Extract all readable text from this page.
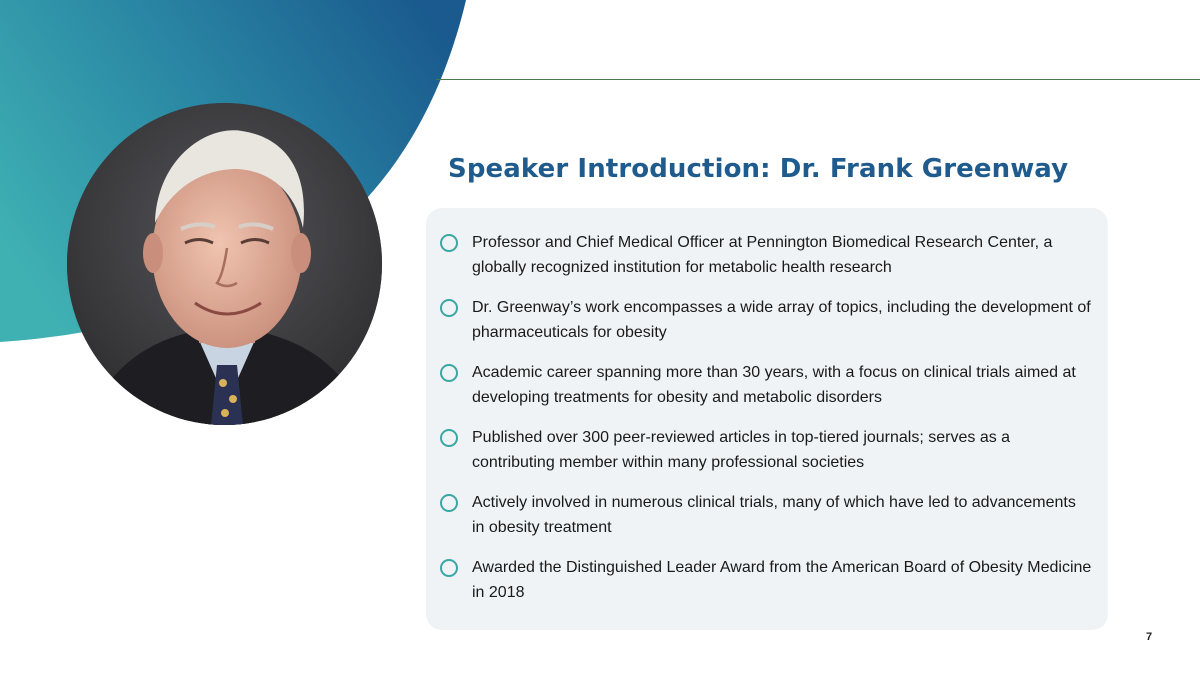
Speaker Introduction: Dr. Frank Greenway
Professor and Chief Medical Officer at Pennington Biomedical Research Center, a globally recognized institution for metabolic health research
Dr. Greenway’s work encompasses a wide array of topics, including the development of pharmaceuticals for obesity
Academic career spanning more than 30 years, with a focus on clinical trials aimed at developing treatments for obesity and metabolic disorders
Published over 300 peer-reviewed articles in top-tiered journals; serves as a contributing member within many professional societies
Actively involved in numerous clinical trials, many of which have led to advancements in obesity treatment
Awarded the Distinguished Leader Award from the American Board of Obesity Medicine in 2018
7
